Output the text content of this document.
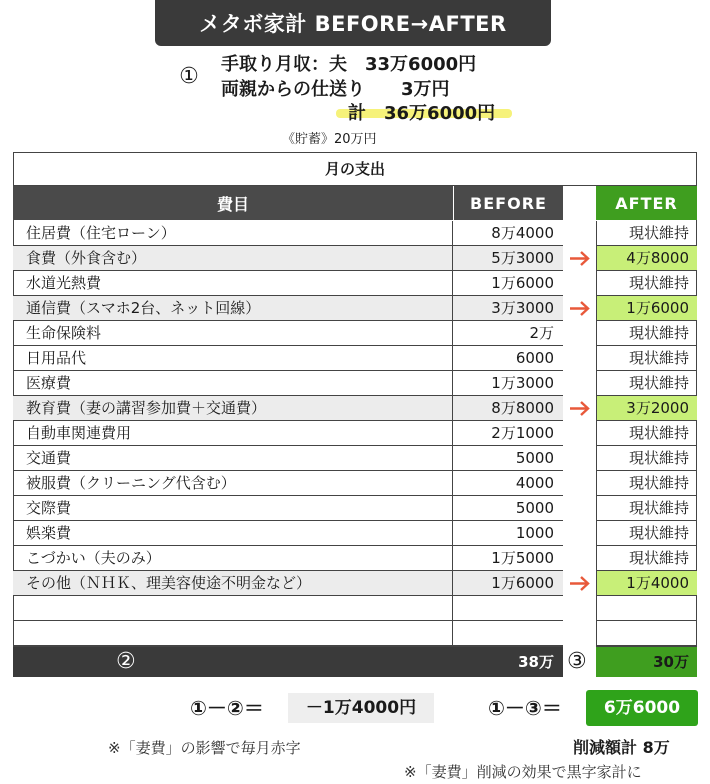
メタボ家計 BEFORE→AFTER
① 手取り月収：夫　33万6000円
両親からの仕送り　　3万円
計　36万6000円
《貯蓄》20万円
月の支出
費目	BEFORE	AFTER
住居費（住宅ローン）	8万4000	現状維持
食費（外食含む）	5万3000	4万8000
水道光熱費	1万6000	現状維持
通信費（スマホ2台、ネット回線）	3万3000	1万6000
生命保険料	2万	現状維持
日用品代	6000	現状維持
医療費	1万3000	現状維持
教育費（妻の講習参加費＋交通費）	8万8000	3万2000
自動車関連費用	2万1000	現状維持
交通費	5000	現状維持
被服費（クリーニング代含む）	4000	現状維持
交際費	5000	現状維持
娯楽費	1000	現状維持
こづかい（夫のみ）	1万5000	現状維持
その他（ＮＨＫ、理美容使途不明金など）	1万6000	1万4000
②	38万 ③	30万
①－②＝	－1万4000円	①－③＝	6万6000
※「妻費」の影響で毎月赤字	削減額計 8万
※「妻費」削減の効果で黒字家計に
